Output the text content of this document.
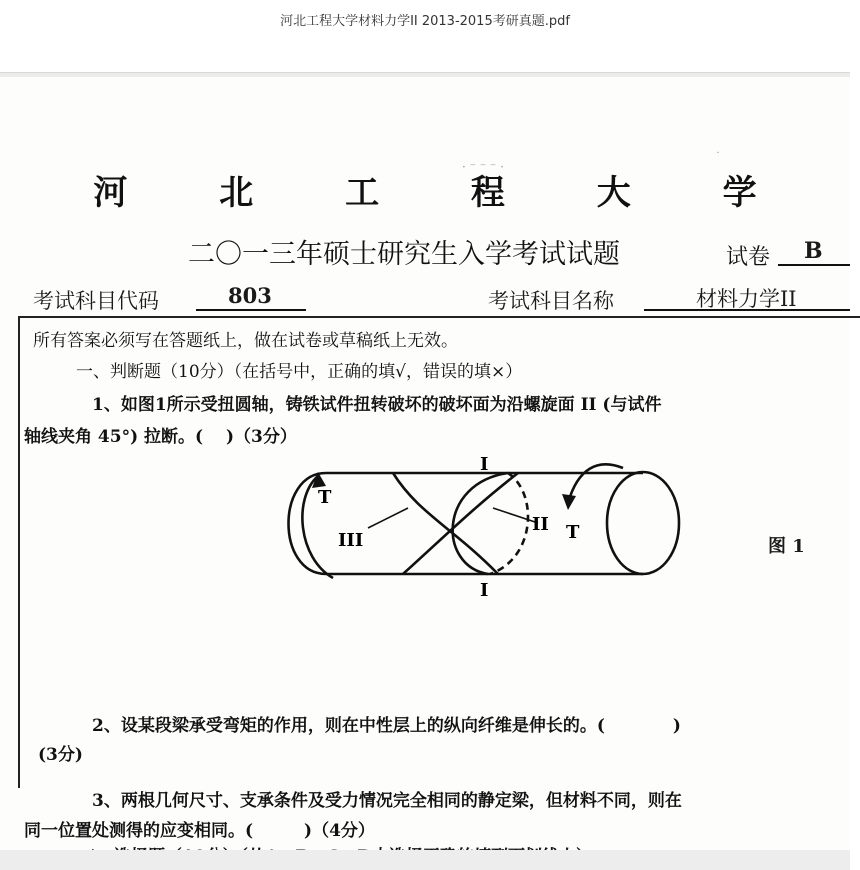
河北工程大学材料力学II 2013-2015考研真题.pdf
· ⁻ ⁻ ⁻ ·
˙
河 北 工 程 大 学
二〇一三年硕士研究生入学考试试题	试卷	B
考试科目代码	803	考试科目名称	材料力学II
所有答案必须写在答题纸上，做在试卷或草稿纸上无效。
一、判断题（10分）（在括号中，正确的填√，错误的填×）
1、如图1所示受扭圆轴，铸铁试件扭转破坏的破坏面为沿螺旋面 II (与试件
轴线夹角 45°) 拉断。(　 )（3分）
T
T
I
I
II
III	图 1
2、设某段梁承受弯矩的作用，则在中性层上的纵向纤维是伸长的。(　　　　)
(3分)
3、两根几何尺寸、支承条件及受力情况完全相同的静定梁，但材料不同，则在
同一位置处测得的应变相同。(　　　)（4分）
